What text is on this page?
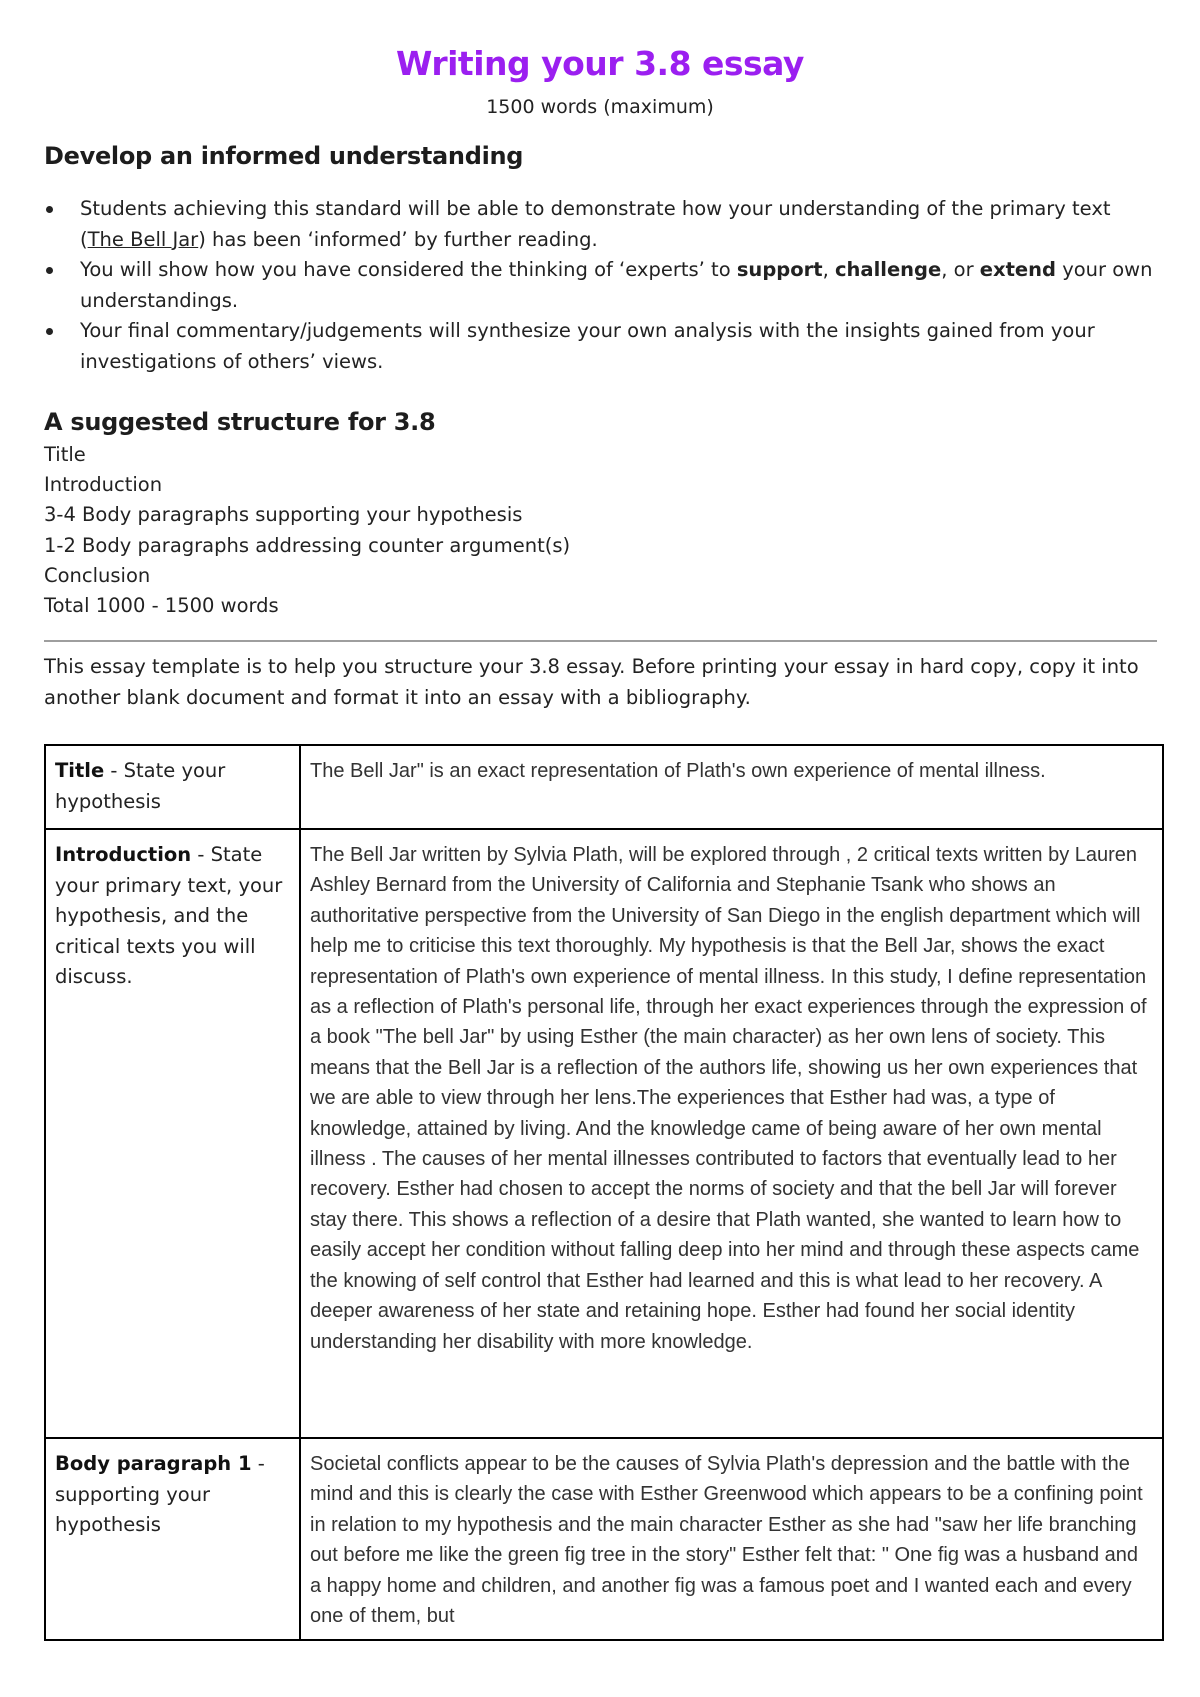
Writing your 3.8 essay
1500 words (maximum)
Develop an informed understanding
Students achieving this standard will be able to demonstrate how your understanding of the primary text (The Bell Jar) has been ‘informed’ by further reading.
You will show how you have considered the thinking of ‘experts’ to support, challenge, or extend your own understandings.
Your final commentary/judgements will synthesize your own analysis with the insights gained from your investigations of others’ views.
A suggested structure for 3.8
Title
Introduction
3-4 Body paragraphs supporting your hypothesis
1-2 Body paragraphs addressing counter argument(s)
Conclusion
Total 1000 - 1500 words
This essay template is to help you structure your 3.8 essay. Before printing your essay in hard copy, copy it into another blank document and format it into an essay with a bibliography.
Title - State your hypothesis	The Bell Jar" is an exact representation of Plath's own experience of mental illness.
Introduction - State your primary text, your hypothesis, and the critical texts you will discuss.	The Bell Jar written by Sylvia Plath, will be explored through , 2 critical texts written by Lauren Ashley Bernard from the University of California and Stephanie Tsank who shows an authoritative perspective from the University of San Diego in the english department which will help me to criticise this text thoroughly. My hypothesis is that the Bell Jar, shows the exact representation of Plath's own experience of mental illness. In this study, I define representation as a reflection of Plath's personal life, through her exact experiences through the expression of a book "The bell Jar" by using Esther (the main character) as her own lens of society. This means that the Bell Jar is a reflection of the authors life, showing us her own experiences that we are able to view through her lens.The experiences that Esther had was, a type of knowledge, attained by living. And the knowledge came of being aware of her own mental illness . The causes of her mental illnesses contributed to factors that eventually lead to her recovery. Esther had chosen to accept the norms of society and that the bell Jar will forever stay there. This shows a reflection of a desire that Plath wanted, she wanted to learn how to easily accept her condition without falling deep into her mind and through these aspects came the knowing of self control that Esther had learned and this is what lead to her recovery. A deeper awareness of her state and retaining hope. Esther had found her social identity understanding her disability with more knowledge.
Body paragraph 1 - supporting your hypothesis	Societal conflicts appear to be the causes of Sylvia Plath's depression and the battle with the mind and this is clearly the case with Esther Greenwood which appears to be a confining point in relation to my hypothesis and the main character Esther as she had "saw her life branching out before me like the green fig tree in the story" Esther felt that: " One fig was a husband and a happy home and children, and another fig was a famous poet and I wanted each and every one of them, but
